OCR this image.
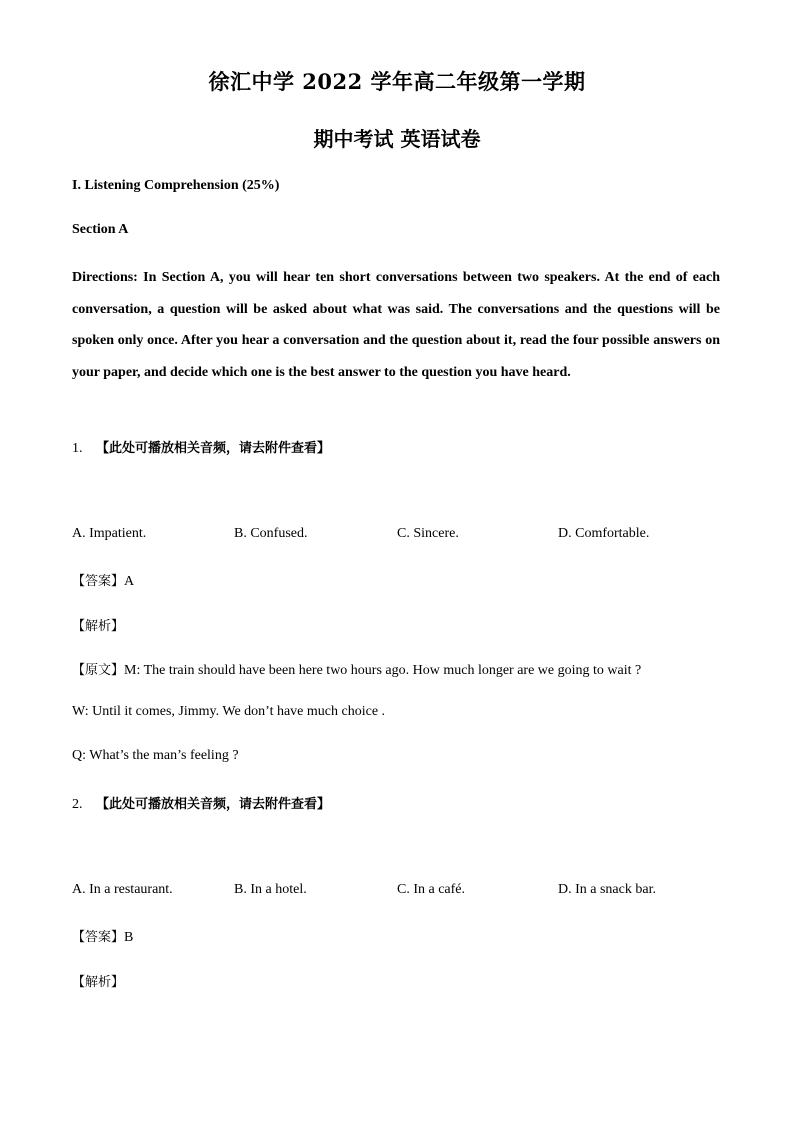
徐汇中学 2022 学年高二年级第一学期
期中考试 英语试卷
I. Listening Comprehension (25%)
Section A
Directions: In Section A, you will hear ten short conversations between two speakers. At the end of each conversation, a question will be asked about what was said. The conversations and the questions will be spoken only once. After you hear a conversation and the question about it, read the four possible answers on your paper, and decide which one is the best answer to the question you have heard.
1. 【此处可播放相关音频，请去附件查看】
A. Impatient.	B. Confused.	C. Sincere.	D. Comfortable.
【答案】A
【解析】
【原文】M: The train should have been here two hours ago. How much longer are we going to wait ?
W: Until it comes, Jimmy. We don’t have much choice .
Q: What’s the man’s feeling ?
2. 【此处可播放相关音频，请去附件查看】
A. In a restaurant.	B. In a hotel.	C. In a café.	D. In a snack bar.
【答案】B
【解析】
